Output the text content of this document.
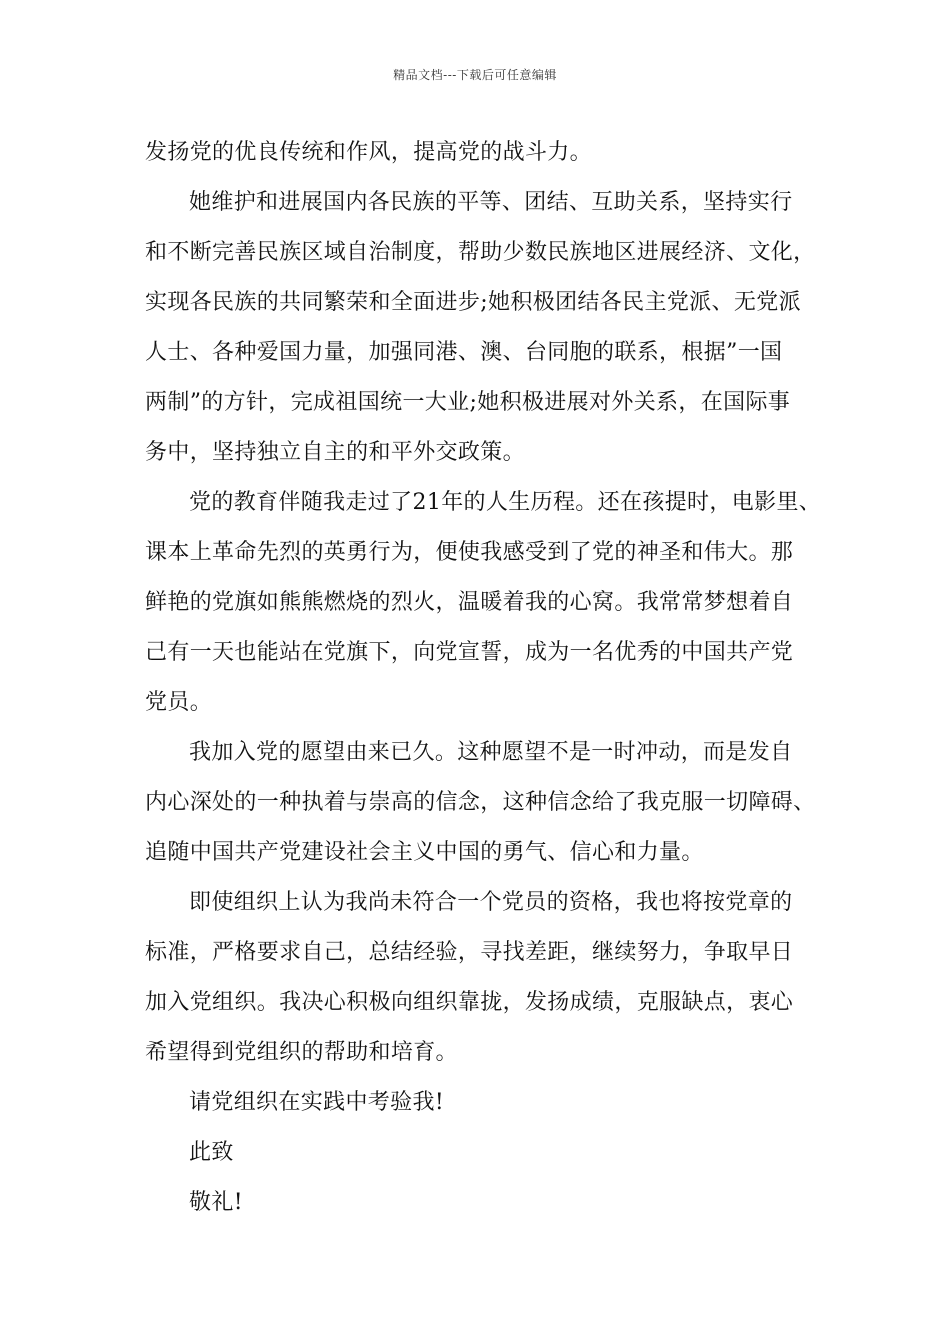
精品文档---下载后可任意编辑
发扬党的优良传统和作风，提高党的战斗力。
她维护和进展国内各民族的平等、团结、互助关系，坚持实行
和不断完善民族区域自治制度，帮助少数民族地区进展经济、文化，
实现各民族的共同繁荣和全面进步;她积极团结各民主党派、无党派
人士、各种爱国力量，加强同港、澳、台同胞的联系，根据”一国
两制”的方针，完成祖国统一大业;她积极进展对外关系，在国际事
务中，坚持独立自主的和平外交政策。
党的教育伴随我走过了21年的人生历程。还在孩提时，电影里、
课本上革命先烈的英勇行为，便使我感受到了党的神圣和伟大。那
鲜艳的党旗如熊熊燃烧的烈火，温暖着我的心窝。我常常梦想着自
己有一天也能站在党旗下，向党宣誓，成为一名优秀的中国共产党
党员。
我加入党的愿望由来已久。这种愿望不是一时冲动，而是发自
内心深处的一种执着与崇高的信念，这种信念给了我克服一切障碍、
追随中国共产党建设社会主义中国的勇气、信心和力量。
即使组织上认为我尚未符合一个党员的资格，我也将按党章的
标准，严格要求自己，总结经验，寻找差距，继续努力，争取早日
加入党组织。我决心积极向组织靠拢，发扬成绩，克服缺点，衷心
希望得到党组织的帮助和培育。
请党组织在实践中考验我!
此致
敬礼!
